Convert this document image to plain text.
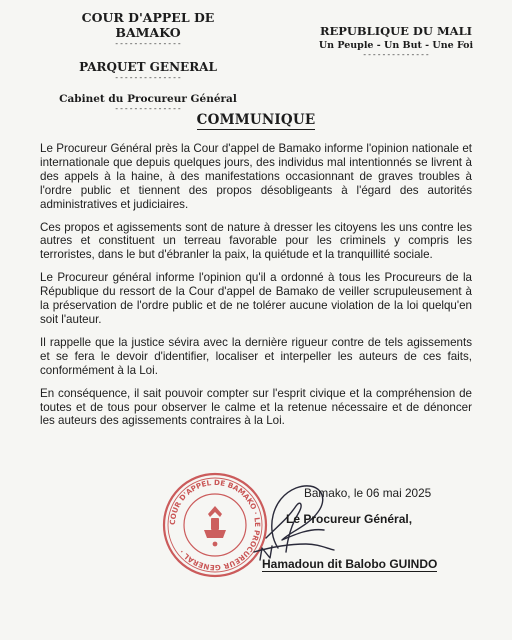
COUR D'APPEL DE BAMAKO
--------------
PARQUET GENERAL
--------------
Cabinet du Procureur Général
--------------
REPUBLIQUE DU MALI
Un Peuple - Un But - Une Foi
--------------
COMMUNIQUE

Le Procureur Général près la Cour d'appel de Bamako informe l'opinion nationale et internationale que depuis quelques jours, des individus mal intentionnés se livrent à des appels à la haine, à des manifestations occasionnant de graves troubles à l'ordre public et tiennent des propos désobligeants à l'égard des autorités administratives et judiciaires.

Ces propos et agissements sont de nature à dresser les citoyens les uns contre les autres et constituent un terreau favorable pour les criminels y compris les terroristes, dans le but d'ébranler la paix, la quiétude et la tranquillité sociale.

Le Procureur général informe l'opinion qu'il a ordonné à tous les Procureurs de la République du ressort de la Cour d'appel de Bamako de veiller scrupuleusement à la préservation de l'ordre public et de ne tolérer aucune violation de la loi quelqu'en soit l'auteur.

Il rappelle que la justice sévira avec la dernière rigueur contre de tels agissements et se fera le devoir d'identifier, localiser et interpeller les auteurs de ces faits, conformément à la Loi.

En conséquence, il sait pouvoir compter sur l'esprit civique et la compréhension de toutes et de tous pour observer le calme et la retenue nécessaire et de dénoncer les auteurs des agissements contraires à la Loi.

COUR D'APPEL DE BAMAKO · LE PROCUREUR GENERAL ·
Bamako, le 06 mai 2025
Le Procureur Général,
Hamadoun dit Balobo GUINDO
